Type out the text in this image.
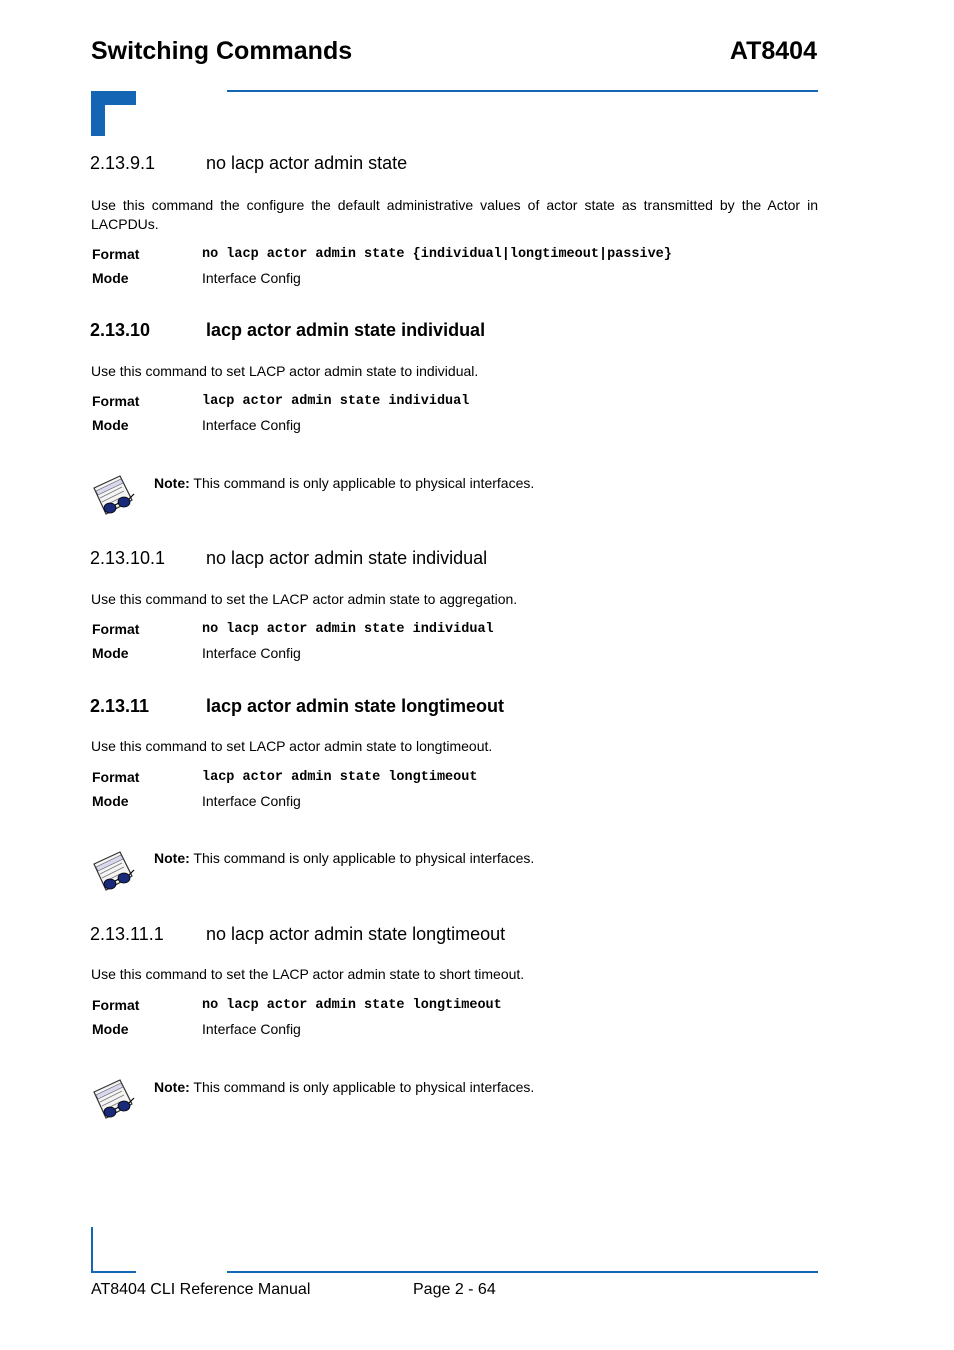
Switching Commands	AT8404
2.13.9.1	no lacp actor admin state
Use this command the configure the default administrative values of actor state as transmitted by the Actor in LACPDUs.
Format	no lacp actor admin state {individual|longtimeout|passive}
Mode	Interface Config
2.13.10	lacp actor admin state individual
Use this command to set LACP actor admin state to individual.
Format	lacp actor admin state individual
Mode	Interface Config
Note: This command is only applicable to physical interfaces.
2.13.10.1 no lacp actor admin state individual
Use this command to set the LACP actor admin state to aggregation.
Format	no lacp actor admin state individual
Mode	Interface Config
2.13.11	lacp actor admin state longtimeout
Use this command to set LACP actor admin state to longtimeout.
Format	lacp actor admin state longtimeout
Mode	Interface Config
Note: This command is only applicable to physical interfaces.
2.13.11.1 no lacp actor admin state longtimeout
Use this command to set the LACP actor admin state to short timeout.
Format	no lacp actor admin state longtimeout
Mode	Interface Config
Note: This command is only applicable to physical interfaces.
AT8404 CLI Reference Manual	Page 2 - 64
